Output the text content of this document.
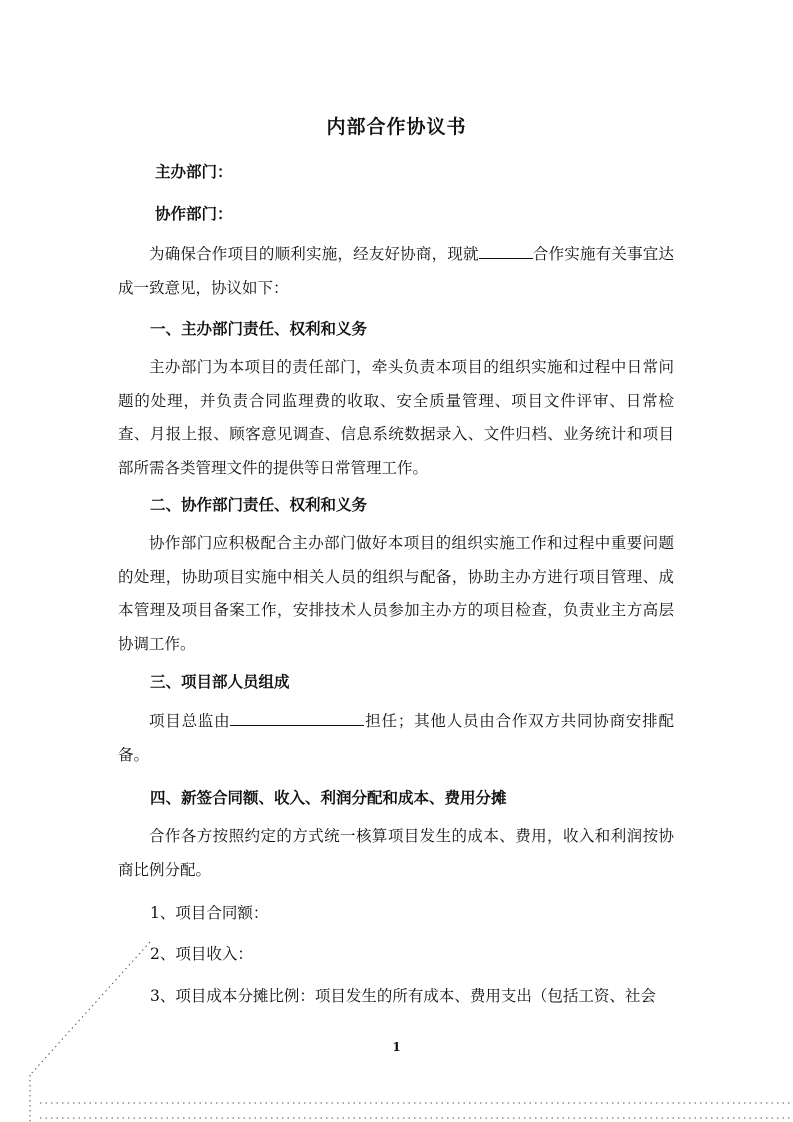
内部合作协议书
主办部门：
协作部门：
为确保合作项目的顺利实施，经友好协商，现就	合作实施有关事宜达成一致意见，协议如下：
一、主办部门责任、权利和义务
主办部门为本项目的责任部门，牵头负责本项目的组织实施和过程中日常问题的处理，并负责合同监理费的收取、安全质量管理、项目文件评审、日常检查、月报上报、顾客意见调查、信息系统数据录入、文件归档、业务统计和项目部所需各类管理文件的提供等日常管理工作。
二、协作部门责任、权利和义务
协作部门应积极配合主办部门做好本项目的组织实施工作和过程中重要问题的处理，协助项目实施中相关人员的组织与配备，协助主办方进行项目管理、成本管理及项目备案工作，安排技术人员参加主办方的项目检查，负责业主方高层协调工作。
三、项目部人员组成
项目总监由	担任；其他人员由合作双方共同协商安排配备。
四、新签合同额、收入、利润分配和成本、费用分摊
合作各方按照约定的方式统一核算项目发生的成本、费用，收入和利润按协商比例分配。
1、项目合同额：
2、项目收入：
3、项目成本分摊比例：项目发生的所有成本、费用支出（包括工资、社会
1
